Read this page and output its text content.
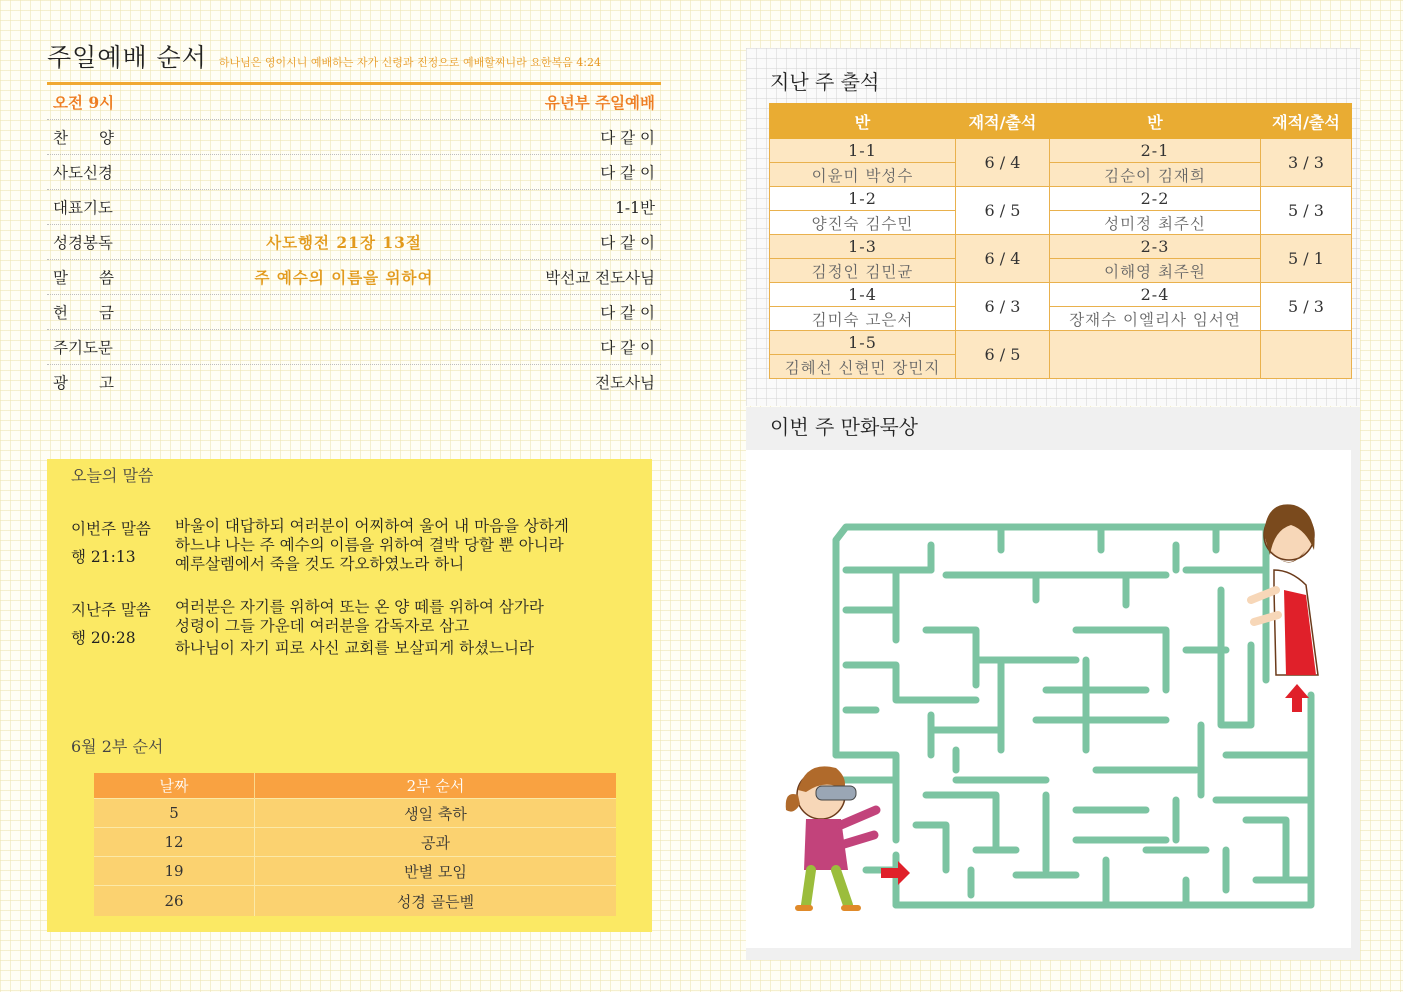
주일예배 순서 하나님은 영이시니 예배하는 자가 신령과 진정으로 예배할찌니라 요한복음 4:24
오전 9시	유년부 주일예배
찬　　양	다 같 이
사도신경	다 같 이
대표기도	1-1반
성경봉독	사도행전 21장 13절	다 같 이
말　　씀	주 예수의 이름을 위하여	박선교 전도사님
헌　　금	다 같 이
주기도문	다 같 이
광　　고	전도사님
오늘의 말씀
이번주 말씀
행 21:13
바울이 대답하되 여러분이 어찌하여 울어 내 마음을 상하게
하느냐 나는 주 예수의 이름을 위하여 결박 당할 뿐 아니라
예루살렘에서 죽을 것도 각오하였노라 하니
지난주 말씀
행 20:28
여러분은 자기를 위하여 또는 온 양 떼를 위하여 삼가라
성령이 그들 가운데 여러분을 감독자로 삼고
하나님이 자기 피로 사신 교회를 보살피게 하셨느니라
6월 2부 순서
날짜	2부 순서
5	생일 축하
12	공과
19	반별 모임
26	성경 골든벨
지난 주 출석
반	재적/출석	반	재적/출석
1-1	6 / 4	2-1	3 / 3
이윤미 박성수		김순이 김재희	
1-2	6 / 5	2-2	5 / 3
양진숙 김수민		성미정 최주신	
1-3	6 / 4	2-3	5 / 1
김정인 김민균		이해영 최주원	
1-4	6 / 3	2-4	5 / 3
김미숙 고은서		장재수 이엘리사 임서연	
1-5	6 / 5		
김혜선 신현민 장민지			
이번 주 만화묵상
